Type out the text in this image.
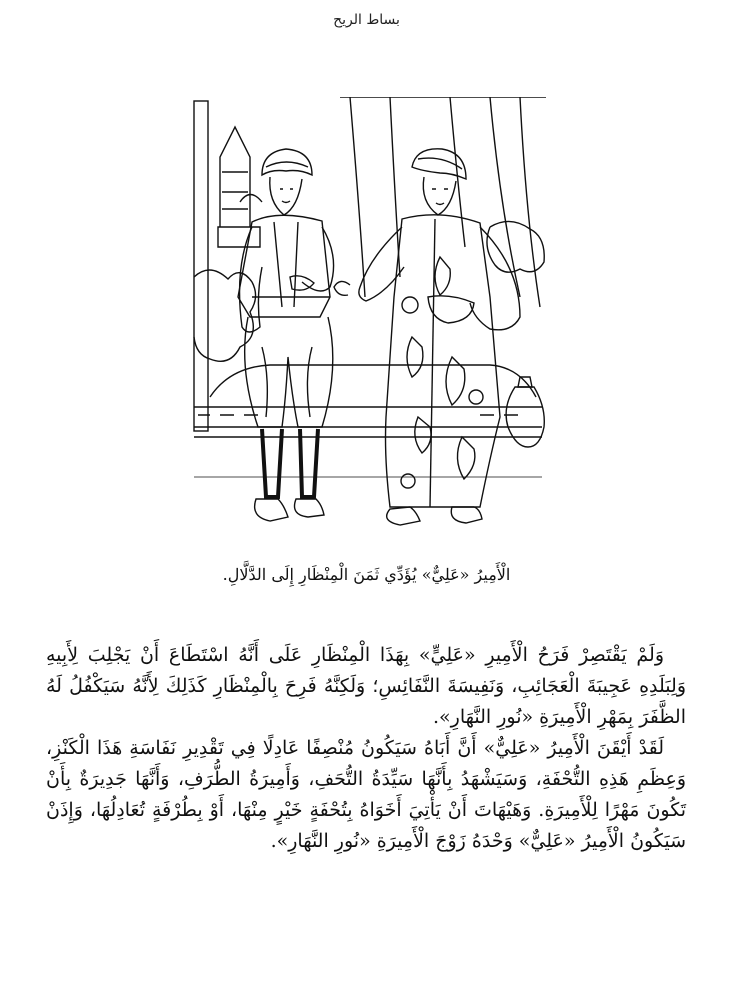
بساط الريح
الْأَمِيرُ «عَلِيٌّ» يُؤَدِّي ثَمَنَ الْمِنْظَارِ إِلَى الدَّلَّالِ.

وَلَمْ يَقْتَصِرْ فَرَحُ الْأَمِيرِ «عَلِيٍّ» بِهَذَا الْمِنْظَارِ عَلَى أَنَّهُ اسْتَطَاعَ أَنْ يَجْلِبَ لِأَبِيهِ وَلِبَلَدِهِ عَجِيبَةَ الْعَجَائِبِ، وَنَفِيسَةَ النَّفَائِسِ؛ وَلَكِنَّهُ فَرِحَ بِالْمِنْظَارِ كَذَلِكَ لِأَنَّهُ سَيَكْفُلُ لَهُ الظَّفَرَ بِمَهْرِ الْأَمِيرَةِ «نُورِ النَّهَارِ».

لَقَدْ أَيْقَنَ الْأَمِيرُ «عَلِيٌّ» أَنَّ أَبَاهُ سَيَكُونُ مُنْصِفًا عَادِلًا فِي تَقْدِيرِ نَفَاسَةِ هَذَا الْكَنْزِ، وَعِظَمِ هَذِهِ التُّحْفَةِ، وَسَيَشْهَدُ بِأَنَّهَا سَيِّدَةُ التُّحَفِ، وَأَمِيرَةُ الطُّرَفِ، وَأَنَّهَا جَدِيرَةٌ بِأَنْ تَكُونَ مَهْرًا لِلْأَمِيرَةِ. وَهَيْهَاتَ أَنْ يَأْتِيَ أَخَوَاهُ بِتُحْفَةٍ خَيْرٍ مِنْهَا، أَوْ بِطُرْفَةٍ تُعَادِلُهَا، وَإِذَنْ سَيَكُونُ الْأَمِيرُ «عَلِيٌّ» وَحْدَهُ زَوْجَ الْأَمِيرَةِ «نُورِ النَّهَارِ».
